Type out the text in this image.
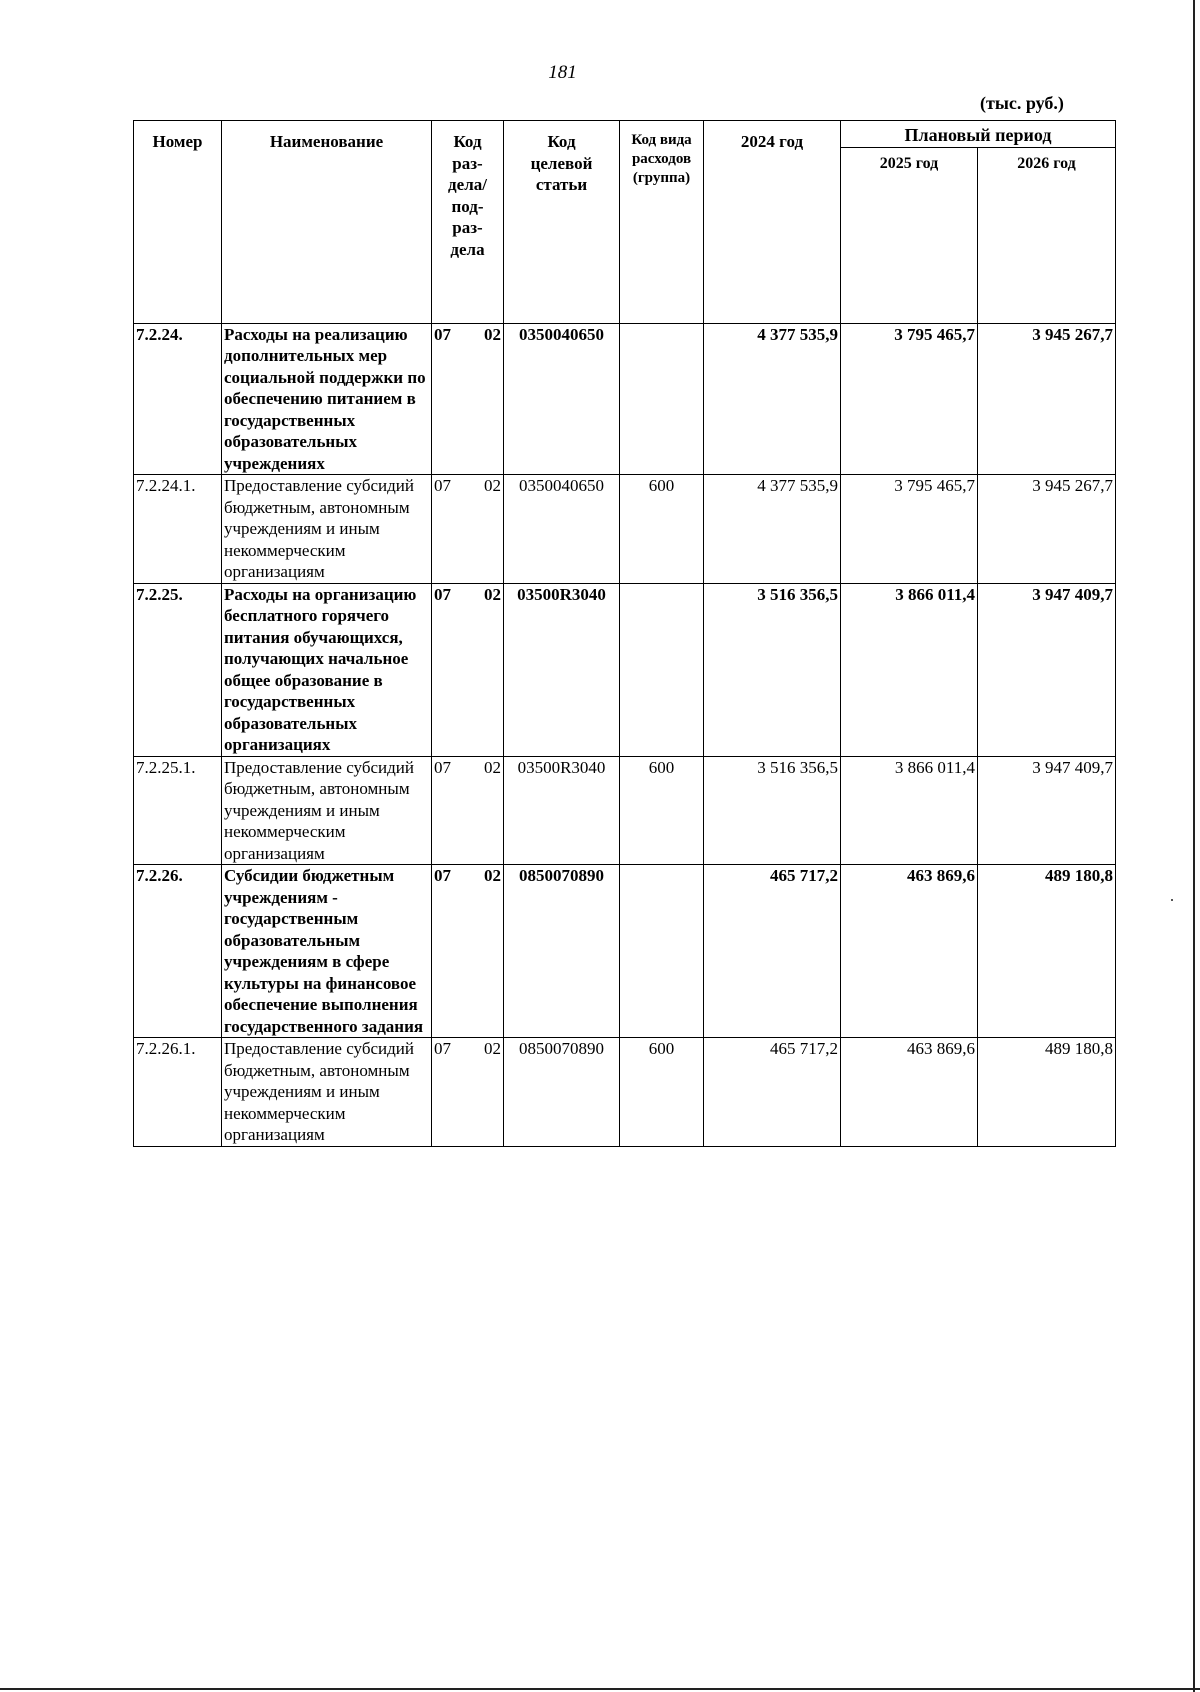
181
(тыс. руб.)
Номер	Наименование	Код раз- дела/ под- раз- дела	Код целевой статьи	Код вида расходов (группа)	2024 год	Плановый период	
						2025 год	2026 год
7.2.24.	Расходы на реализацию дополнительных мер социальной поддержки по обеспечению питанием в государственных образовательных учреждениях	07 02	0350040650		4 377 535,9	3 795 465,7	3 945 267,7
7.2.24.1.	Предоставление субсидий бюджетным, автономным учреждениям и иным некоммерческим организациям	07 02	0350040650	600	4 377 535,9	3 795 465,7	3 945 267,7
7.2.25.	Расходы на организацию бесплатного горячего питания обучающихся, получающих начальное общее образование в государственных образовательных организациях	07 02	03500R3040		3 516 356,5	3 866 011,4	3 947 409,7
7.2.25.1.	Предоставление субсидий бюджетным, автономным учреждениям и иным некоммерческим организациям	07 02	03500R3040	600	3 516 356,5	3 866 011,4	3 947 409,7
7.2.26.	Субсидии бюджетным учреждениям - государственным образовательным учреждениям в сфере культуры на финансовое обеспечение выполнения государственного задания	07 02	0850070890		465 717,2	463 869,6	489 180,8
7.2.26.1.	Предоставление субсидий бюджетным, автономным учреждениям и иным некоммерческим организациям	07 02	0850070890	600	465 717,2	463 869,6	489 180,8
